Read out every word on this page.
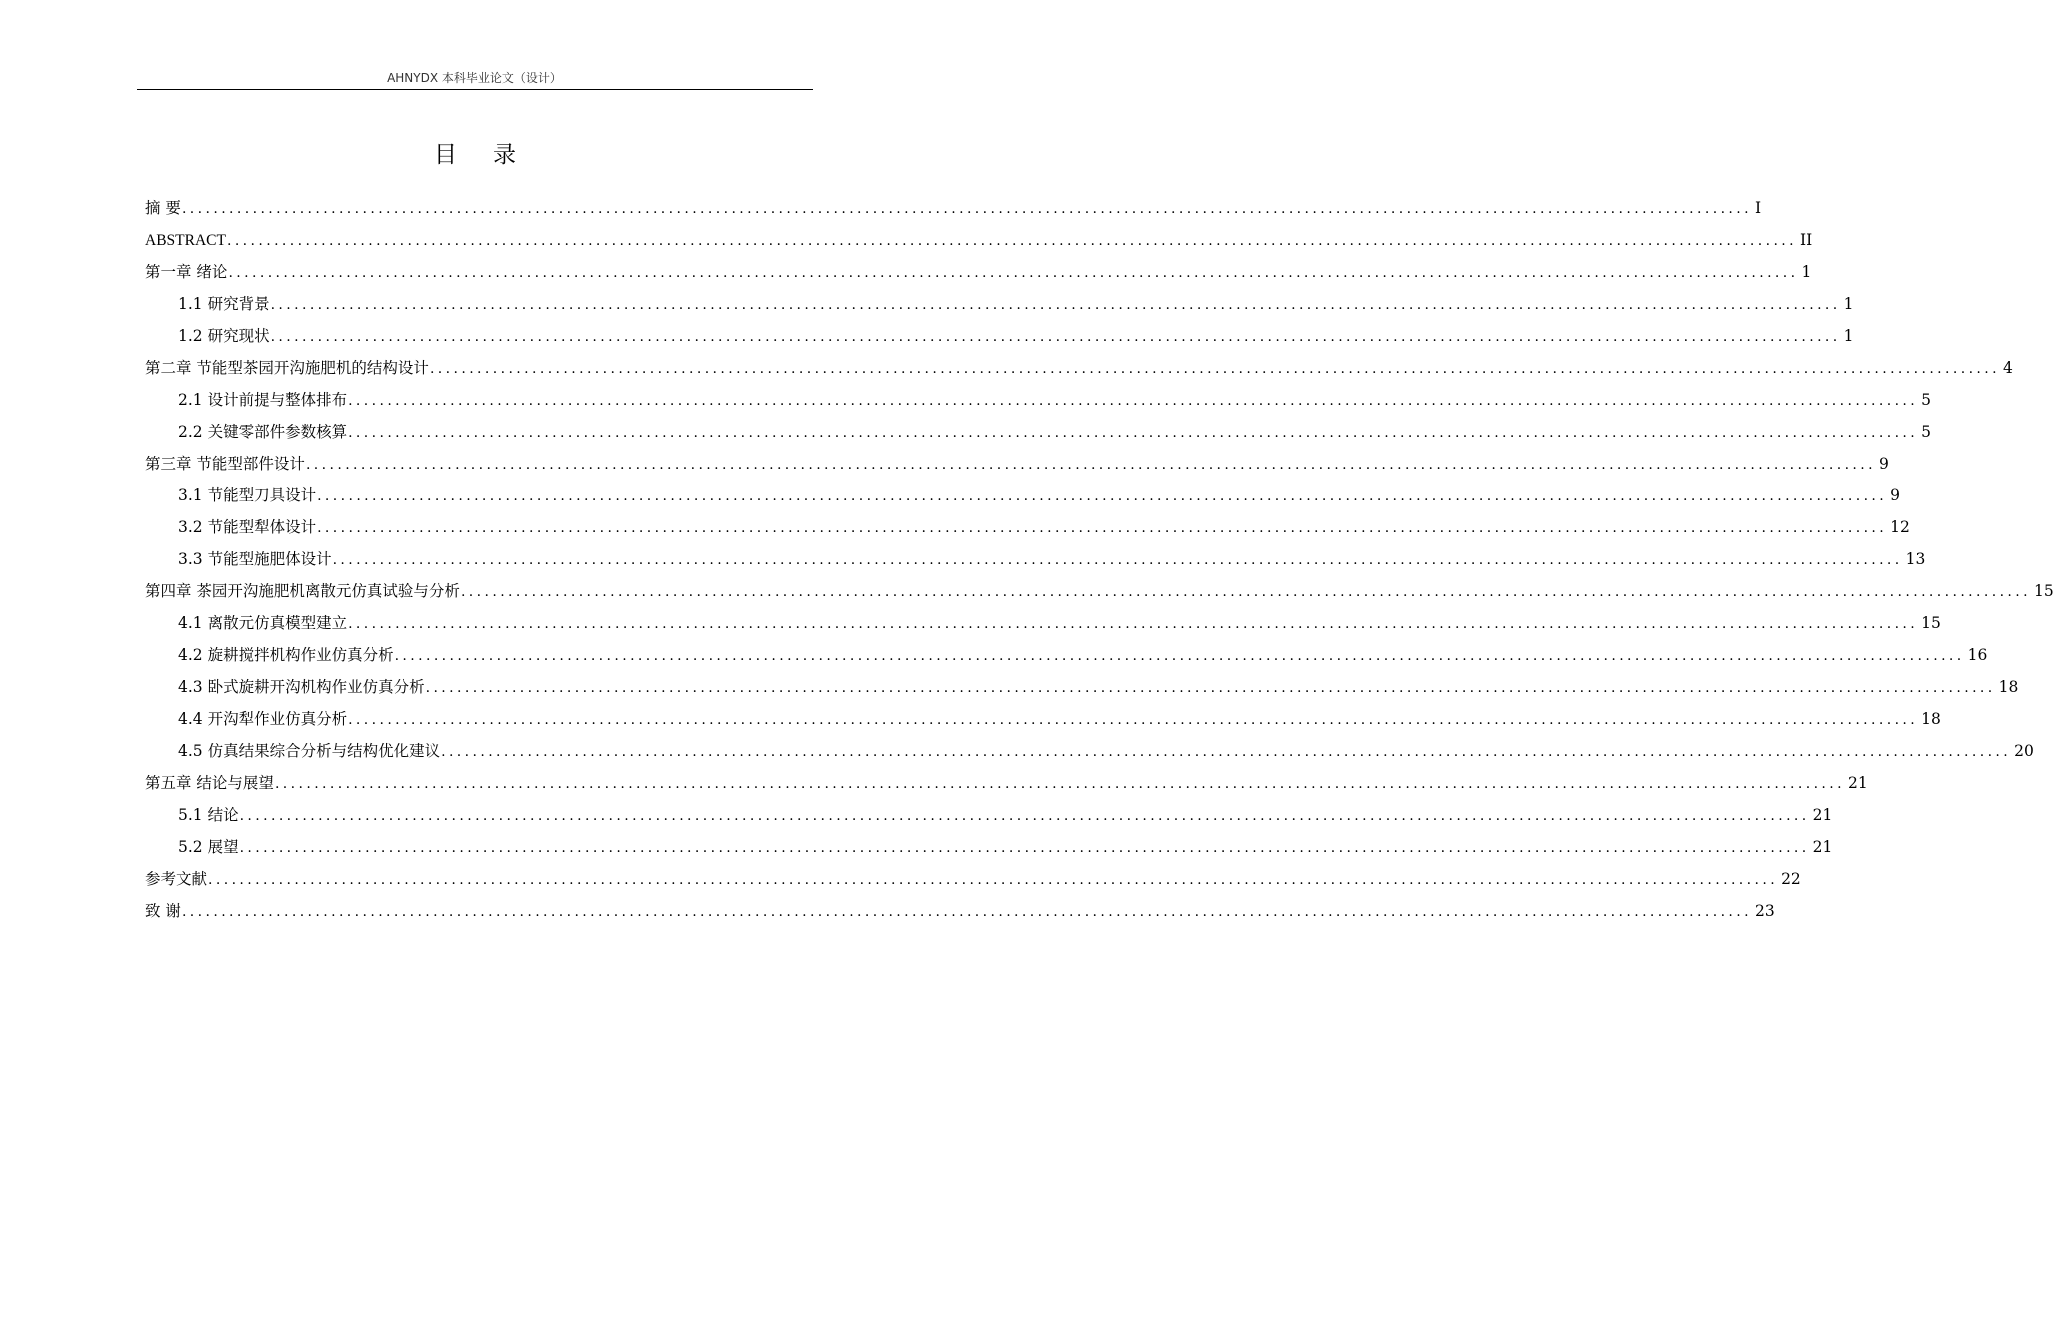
AHNYDX 本科毕业论文（设计）
目录
摘 要 ........................................................................................................................................................................................................ I
ABSTRACT ........................................................................................................................................................................................................ II
第一章 绪论 ........................................................................................................................................................................................................ 1
1.1 研究背景 ........................................................................................................................................................................................................ 1
1.2 研究现状 ........................................................................................................................................................................................................ 1
第二章 节能型茶园开沟施肥机的结构设计 ........................................................................................................................................................................................................ 4
2.1 设计前提与整体排布 ........................................................................................................................................................................................................ 5
2.2 关键零部件参数核算 ........................................................................................................................................................................................................ 5
第三章 节能型部件设计 ........................................................................................................................................................................................................ 9
3.1 节能型刀具设计 ........................................................................................................................................................................................................ 9
3.2 节能型犁体设计 ........................................................................................................................................................................................................ 12
3.3 节能型施肥体设计 ........................................................................................................................................................................................................ 13
第四章 茶园开沟施肥机离散元仿真试验与分析 ........................................................................................................................................................................................................ 15
4.1 离散元仿真模型建立 ........................................................................................................................................................................................................ 15
4.2 旋耕搅拌机构作业仿真分析 ........................................................................................................................................................................................................ 16
4.3 卧式旋耕开沟机构作业仿真分析 ........................................................................................................................................................................................................ 18
4.4 开沟犁作业仿真分析 ........................................................................................................................................................................................................ 18
4.5 仿真结果综合分析与结构优化建议 ........................................................................................................................................................................................................ 20
第五章 结论与展望 ........................................................................................................................................................................................................ 21
5.1 结论 ........................................................................................................................................................................................................ 21
5.2 展望 ........................................................................................................................................................................................................ 21
参考文献 ........................................................................................................................................................................................................ 22
致 谢 ........................................................................................................................................................................................................ 23
